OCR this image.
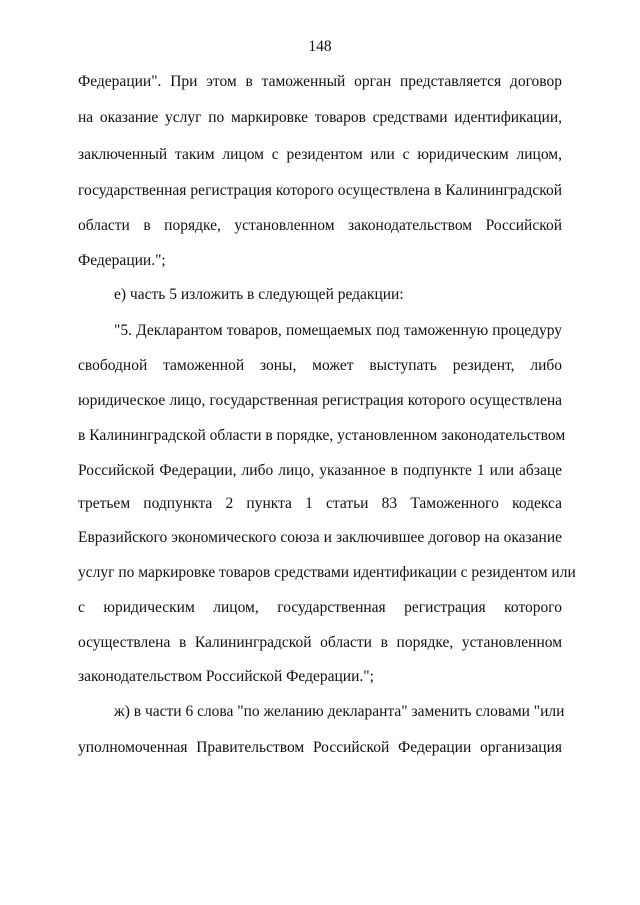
148
Федерации". При этом в таможенный орган представляется договор
на оказание услуг по маркировке товаров средствами идентификации,
заключенный таким лицом с резидентом или с юридическим лицом,
государственная регистрация которого осуществлена в Калининградской
области в порядке, установленном законодательством Российской
Федерации.";
е) часть 5 изложить в следующей редакции:
"5. Декларантом товаров, помещаемых под таможенную процедуру
свободной таможенной зоны, может выступать резидент, либо
юридическое лицо, государственная регистрация которого осуществлена
в Калининградской области в порядке, установленном законодательством
Российской Федерации, либо лицо, указанное в подпункте 1 или абзаце
третьем подпункта 2 пункта 1 статьи 83 Таможенного кодекса
Евразийского экономического союза и заключившее договор на оказание
услуг по маркировке товаров средствами идентификации с резидентом или
с юридическим лицом, государственная регистрация которого
осуществлена в Калининградской области в порядке, установленном
законодательством Российской Федерации.";
ж) в части 6 слова "по желанию декларанта" заменить словами "или
уполномоченная Правительством Российской Федерации организация
